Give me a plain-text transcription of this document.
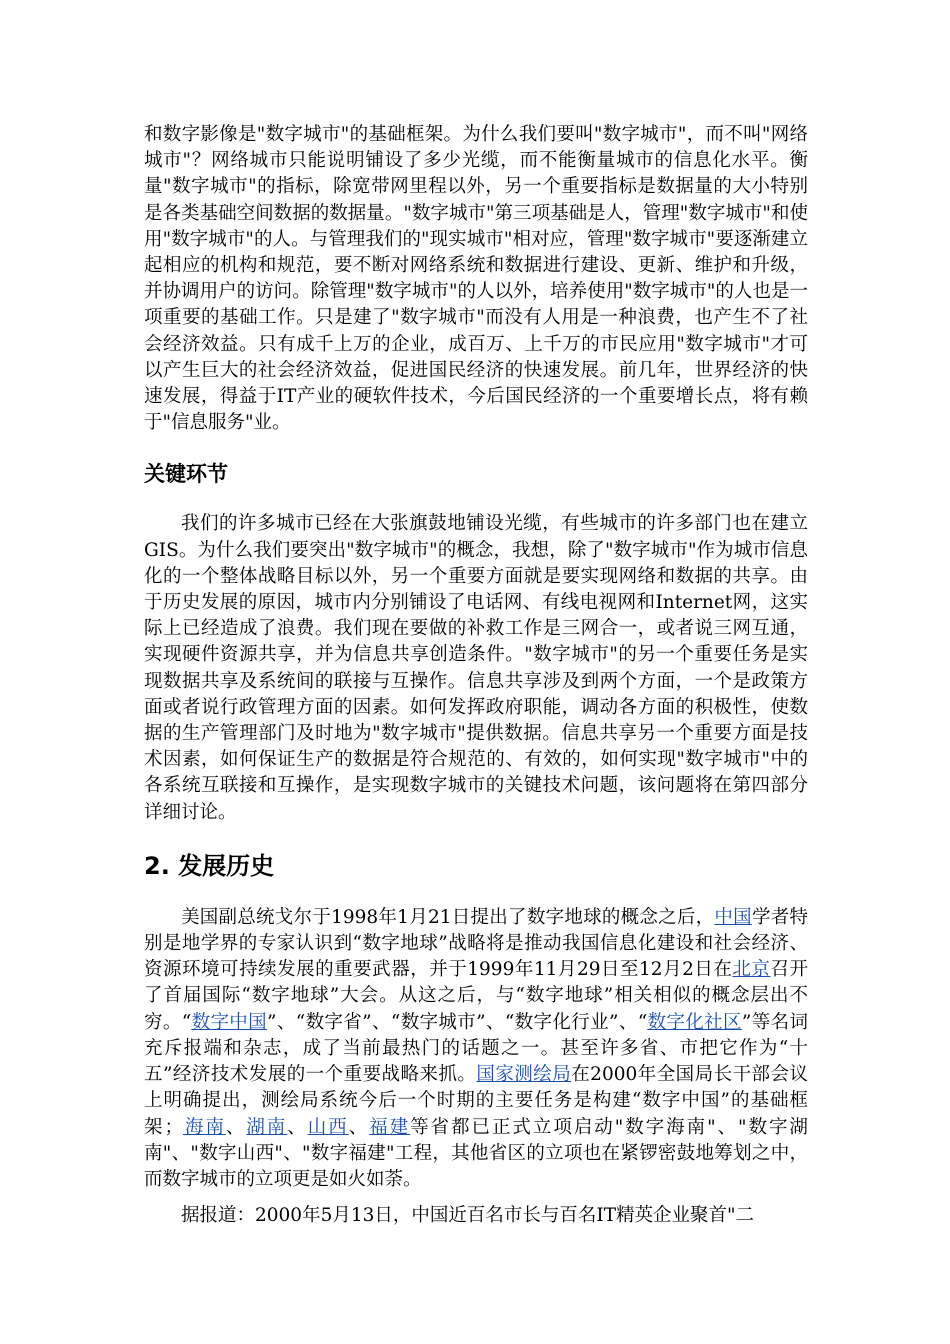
和数字影像是"数字城市"的基础框架。为什么我们要叫"数字城市"，而不叫"网络城市"？网络城市只能说明铺设了多少光缆，而不能衡量城市的信息化水平。衡量"数字城市"的指标，除宽带网里程以外，另一个重要指标是数据量的大小特别是各类基础空间数据的数据量。"数字城市"第三项基础是人，管理"数字城市"和使用"数字城市"的人。与管理我们的"现实城市"相对应，管理"数字城市"要逐渐建立起相应的机构和规范，要不断对网络系统和数据进行建设、更新、维护和升级，并协调用户的访问。除管理"数字城市"的人以外，培养使用"数字城市"的人也是一项重要的基础工作。只是建了"数字城市"而没有人用是一种浪费，也产生不了社会经济效益。只有成千上万的企业，成百万、上千万的市民应用"数字城市"才可以产生巨大的社会经济效益，促进国民经济的快速发展。前几年，世界经济的快速发展，得益于IT产业的硬软件技术，今后国民经济的一个重要增长点，将有赖于"信息服务"业。

关键环节

我们的许多城市已经在大张旗鼓地铺设光缆，有些城市的许多部门也在建立GIS。为什么我们要突出"数字城市"的概念，我想，除了"数字城市"作为城市信息化的一个整体战略目标以外，另一个重要方面就是要实现网络和数据的共享。由于历史发展的原因，城市内分别铺设了电话网、有线电视网和Internet网，这实际上已经造成了浪费。我们现在要做的补救工作是三网合一，或者说三网互通，实现硬件资源共享，并为信息共享创造条件。"数字城市"的另一个重要任务是实现数据共享及系统间的联接与互操作。信息共享涉及到两个方面，一个是政策方面或者说行政管理方面的因素。如何发挥政府职能，调动各方面的积极性，使数据的生产管理部门及时地为"数字城市"提供数据。信息共享另一个重要方面是技术因素，如何保证生产的数据是符合规范的、有效的，如何实现"数字城市"中的各系统互联接和互操作，是实现数字城市的关键技术问题，该问题将在第四部分详细讨论。

2. 发展历史

美国副总统戈尔于1998年1月21日提出了数字地球的概念之后，中国学者特别是地学界的专家认识到“数字地球”战略将是推动我国信息化建设和社会经济、资源环境可持续发展的重要武器，并于1999年11月29日至12月2日在北京召开了首届国际“数字地球”大会。从这之后，与“数字地球”相关相似的概念层出不穷。“数字中国”、“数字省”、“数字城市”、“数字化行业”、“数字化社区”等名词充斥报端和杂志，成了当前最热门的话题之一。甚至许多省、市把它作为“十五”经济技术发展的一个重要战略来抓。国家测绘局在2000年全国局长干部会议上明确提出，测绘局系统今后一个时期的主要任务是构建“数字中国”的基础框架；海南、湖南、山西、福建等省都已正式立项启动"数字海南"、"数字湖南"、"数字山西"、"数字福建"工程，其他省区的立项也在紧锣密鼓地筹划之中，而数字城市的立项更是如火如荼。

据报道：2000年5月13日，中国近百名市长与百名IT精英企业聚首"二
